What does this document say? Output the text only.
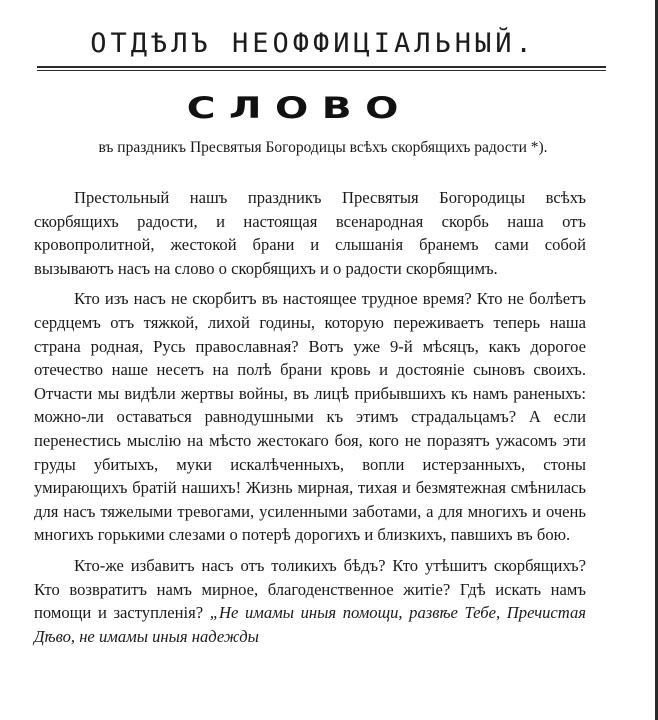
ОТДѢЛЪ НЕОФФИЦІАЛЬНЫЙ.
СЛОВО

въ праздникъ Пресвятыя Богородицы всѣхъ скорбящихъ радости *).

Престольный нашъ праздникъ Пресвятыя Богородицы всѣхъ скорбящихъ радости, и настоящая всенародная скорбь наша отъ кровопролитной, жестокой брани и слышанія бранемъ сами собой вызываютъ насъ на слово о скорбящихъ и о радости скорбящимъ.

Кто изъ насъ не скорбитъ въ настоящее трудное время? Кто не болѣетъ сердцемъ отъ тяжкой, лихой годины, которую переживаетъ теперь наша страна родная, Русь православная? Вотъ уже 9-й мѣсяцъ, какъ дорогое отечество наше несетъ на полѣ брани кровь и достояніе сыновъ своихъ. Отчасти мы видѣли жертвы войны, въ лицѣ прибывшихъ къ намъ раненыхъ: можно-ли оставаться равнодушными къ этимъ страдальцамъ? А если перенестись мыслію на мѣсто жестокаго боя, кого не поразятъ ужасомъ эти груды убитыхъ, муки искалѣченныхъ, вопли истерзанныхъ, стоны умирающихъ братій нашихъ! Жизнь мирная, тихая и безмятежная смѣнилась для насъ тяжелыми тревогами, усиленными заботами, а для многихъ и очень многихъ горькими слезами о потерѣ дорогихъ и близкихъ, павшихъ въ бою.

Кто-же избавитъ насъ отъ толикихъ бѣдъ? Кто утѣшитъ скорбящихъ? Кто возвратитъ намъ мирное, благоденственное житіе? Гдѣ искать намъ помощи и заступленія? „Не имамы иныя помощи, развѣе Тебе, Пречистая Дѣво, не имамы иныя надежды
